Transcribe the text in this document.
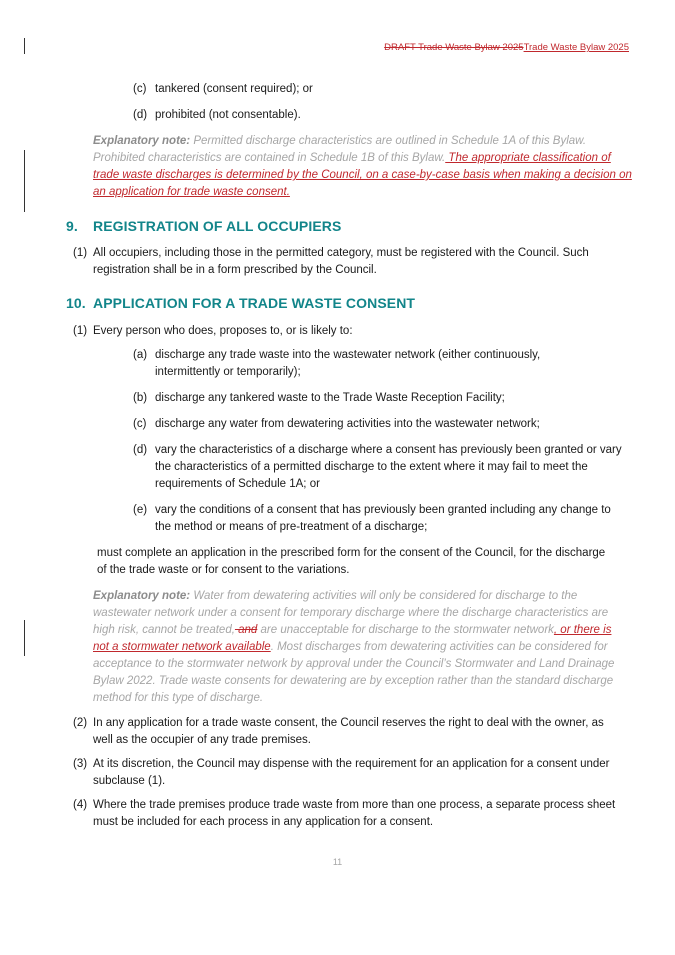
DRAFT Trade Waste Bylaw 2025Trade Waste Bylaw 2025
(c) tankered (consent required); or
(d) prohibited (not consentable).
Explanatory note: Permitted discharge characteristics are outlined in Schedule 1A of this Bylaw.
Prohibited characteristics are contained in Schedule 1B of this Bylaw. The appropriate classification of
trade waste discharges is determined by the Council, on a case-by-case basis when making a decision on
an application for trade waste consent.
9. REGISTRATION OF ALL OCCUPIERS
(1) All occupiers, including those in the permitted category, must be registered with the Council. Such
registration shall be in a form prescribed by the Council.
10. APPLICATION FOR A TRADE WASTE CONSENT
(1) Every person who does, proposes to, or is likely to:
(a) discharge any trade waste into the wastewater network (either continuously,
intermittently or temporarily);
(b) discharge any tankered waste to the Trade Waste Reception Facility;
(c) discharge any water from dewatering activities into the wastewater network;
(d) vary the characteristics of a discharge where a consent has previously been granted or vary
the characteristics of a permitted discharge to the extent where it may fail to meet the
requirements of Schedule 1A; or
(e) vary the conditions of a consent that has previously been granted including any change to
the method or means of pre-treatment of a discharge;
must complete an application in the prescribed form for the consent of the Council, for the discharge
of the trade waste or for consent to the variations.
Explanatory note: Water from dewatering activities will only be considered for discharge to the
wastewater network under a consent for temporary discharge where the discharge characteristics are
high risk, cannot be treated, and are unacceptable for discharge to the stormwater network, or there is
not a stormwater network available. Most discharges from dewatering activities can be considered for
acceptance to the stormwater network by approval under the Council’s Stormwater and Land Drainage
Bylaw 2022. Trade waste consents for dewatering are by exception rather than the standard discharge
method for this type of discharge.
(2) In any application for a trade waste consent, the Council reserves the right to deal with the owner, as
well as the occupier of any trade premises.
(3) At its discretion, the Council may dispense with the requirement for an application for a consent under
subclause (1).
(4) Where the trade premises produce trade waste from more than one process, a separate process sheet
must be included for each process in any application for a consent.
11
